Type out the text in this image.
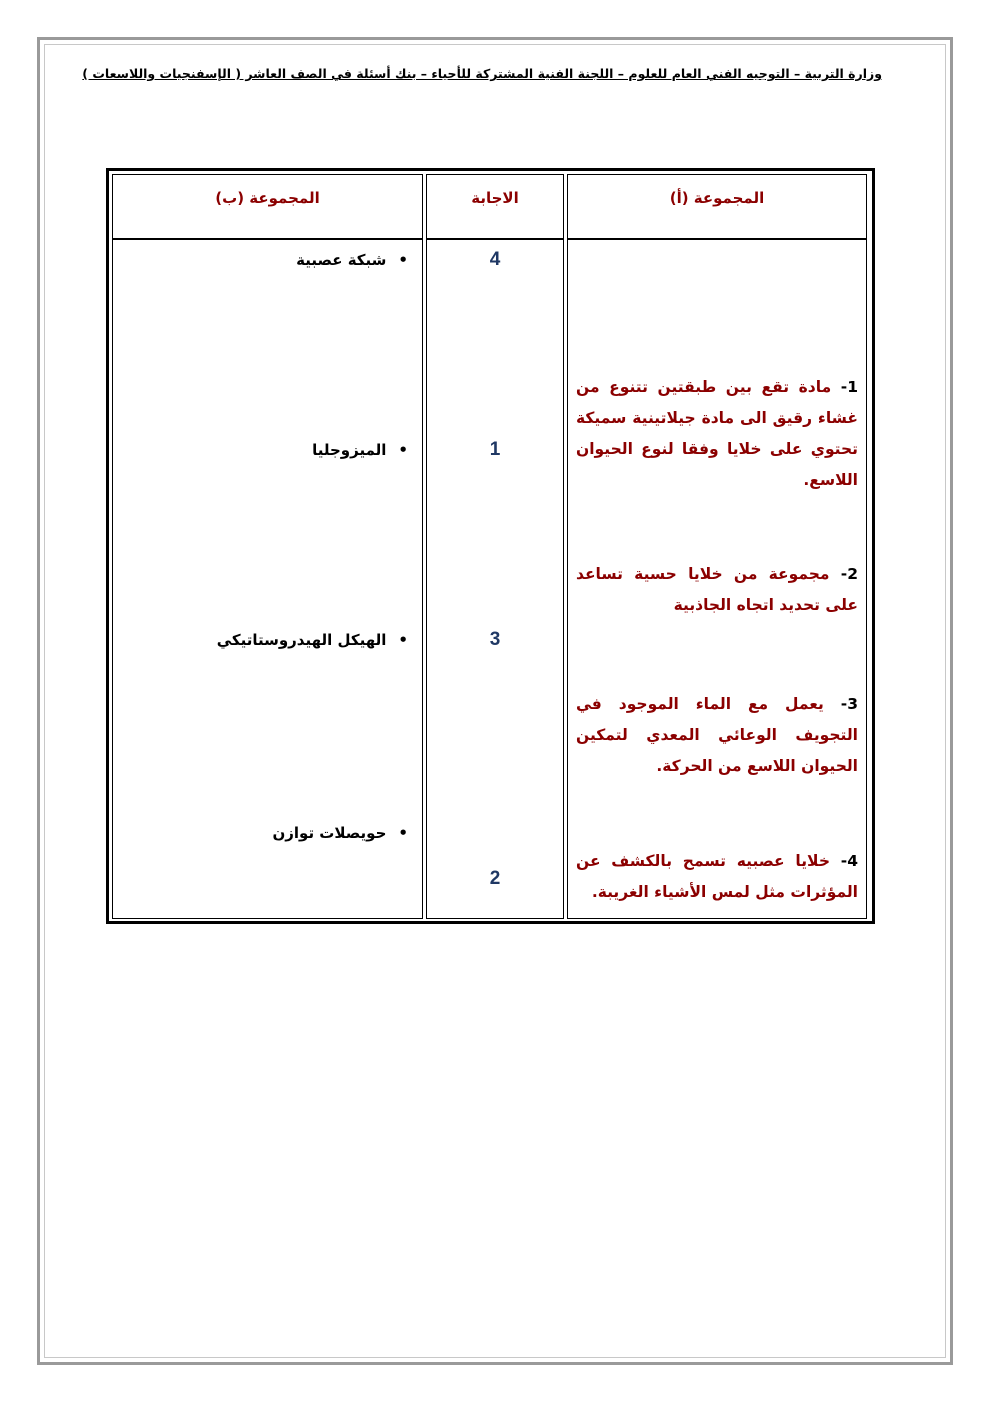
وزارة التربية – التوجيه الفني العام للعلوم – اللجنة الفنية المشتركة للأحياء – بنك أسئلة في الصف العاشر ( الإسفنجيات واللاسعات )
المجموعة (أ)
الاجابة
المجموعة (ب)
1- مادة تقع بين طبقتين تتنوع من غشاء رقيق الى مادة جيلاتينية سميكة تحتوي على خلايا وفقا لنوع الحيوان اللاسع.
2- مجموعة من خلايا حسية تساعد على تحديد اتجاه الجاذبية
3- يعمل مع الماء الموجود في التجويف الوعائي المعدي لتمكين الحيوان اللاسع من الحركة.
4- خلايا عصبيه تسمح بالكشف عن المؤثرات مثل لمس الأشياء الغريبة.
4
1
3
2
•شبكة عصبية
•الميزوجليا
•الهيكل الهيدروستاتيكي
•حويصلات توازن
